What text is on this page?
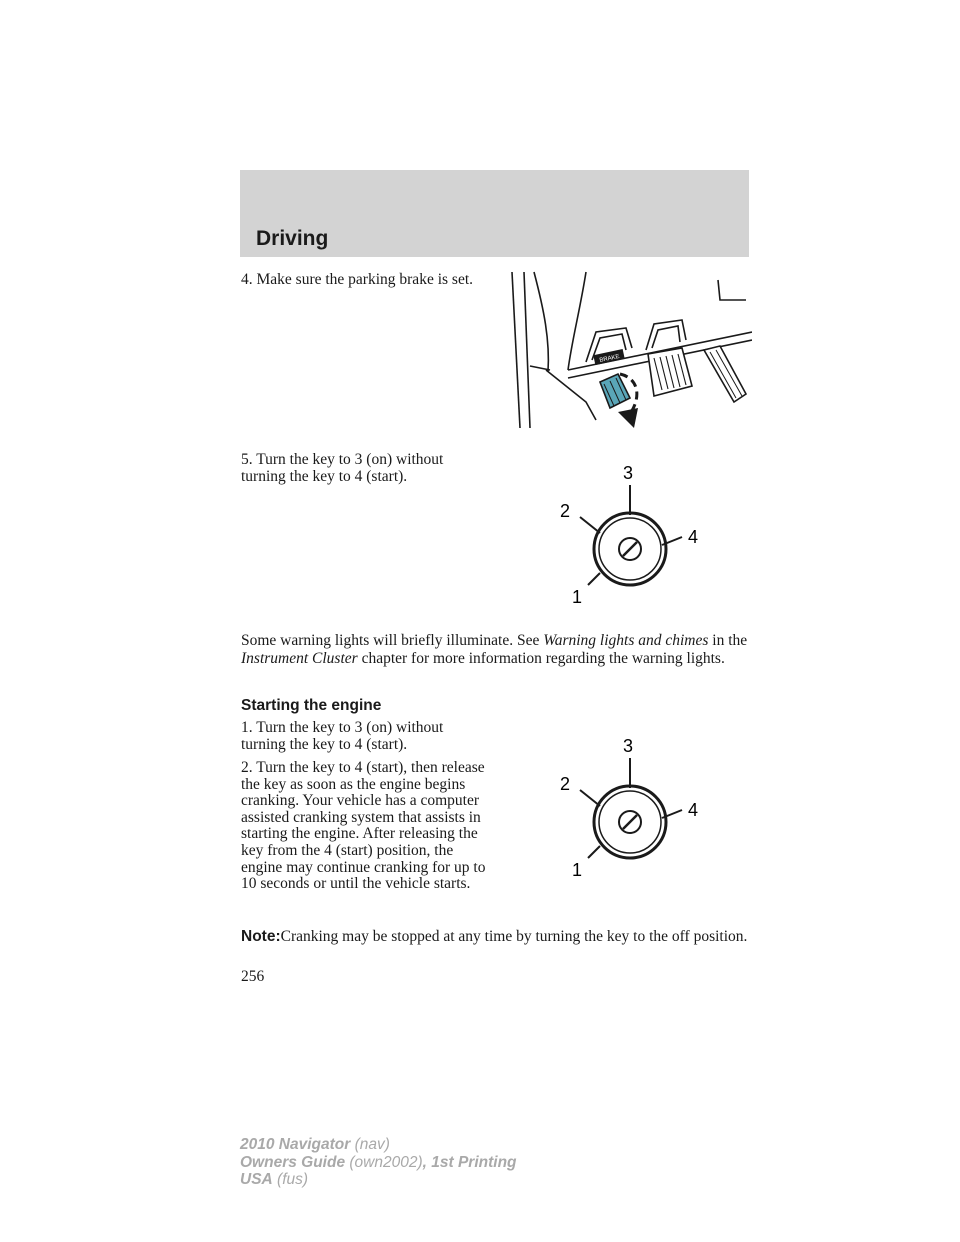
Driving

4. Make sure the parking brake is set.

BRAKE

5. Turn the key to 3 (on) without turning the key to 4 (start).	3
2
4
1

Some warning lights will briefly illuminate. See Warning lights and chimes in the Instrument Cluster chapter for more information regarding the warning lights.

Starting the engine

1. Turn the key to 3 (on) without turning the key to 4 (start).

2. Turn the key to 4 (start), then release the key as soon as the engine begins cranking. Your vehicle has a computer assisted cranking system that assists in starting the engine. After releasing the key from the 4 (start) position, the engine may continue cranking for up to 10 seconds or until the vehicle starts.

3
2
4
1

Note:Cranking may be stopped at any time by turning the key to the off position.

256
2010 Navigator (nav)
Owners Guide (own2002), 1st Printing
USA (fus)
